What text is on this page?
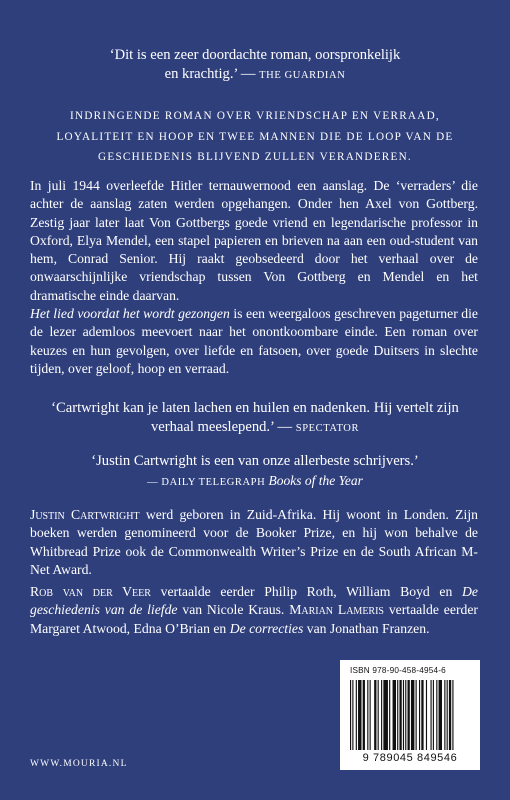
‘Dit is een zeer doordachte roman, oorspronkelijk
en krachtig.’ — THE GUARDIAN
INDRINGENDE ROMAN OVER VRIENDSCHAP EN VERRAAD,
LOYALITEIT EN HOOP EN TWEE MANNEN DIE DE LOOP VAN DE
GESCHIEDENIS BLIJVEND ZULLEN VERANDEREN.
In juli 1944 overleefde Hitler ternauwernood een aanslag. De ‘verraders’ die achter de aanslag zaten werden opgehangen. Onder hen Axel von Gottberg. Zestig jaar later laat Von Gottbergs goede vriend en legendarische professor in Oxford, Elya Mendel, een stapel papieren en brieven na aan een oud-student van hem, Conrad Senior. Hij raakt geobsedeerd door het verhaal over de onwaarschijnlijke vriendschap tussen Von Gottberg en Mendel en het dramatische einde daarvan.
Het lied voordat het wordt gezongen is een weergaloos geschreven pageturner die de lezer ademloos meevoert naar het onontkoombare einde. Een roman over keuzes en hun gevolgen, over liefde en fatsoen, over goede Duitsers in slechte tijden, over geloof, hoop en verraad.
‘Cartwright kan je laten lachen en huilen en nadenken. Hij vertelt zijn
verhaal meeslepend.’ — SPECTATOR
‘Justin Cartwright is een van onze allerbeste schrijvers.’
— DAILY TELEGRAPH Books of the Year
Justin Cartwright werd geboren in Zuid-Afrika. Hij woont in Londen. Zijn boeken werden genomineerd voor de Booker Prize, en hij won behalve de Whitbread Prize ook de Commonwealth Writer’s Prize en de South African M-Net Award.
Rob van der Veer vertaalde eerder Philip Roth, William Boyd en De geschiedenis van de liefde van Nicole Kraus. Marian Lameris vertaalde eerder Margaret Atwood, Edna O’Brian en De correcties van Jonathan Franzen.
ISBN 978-90-458-4954-6
9 789045 849546
WWW.MOURIA.NL
